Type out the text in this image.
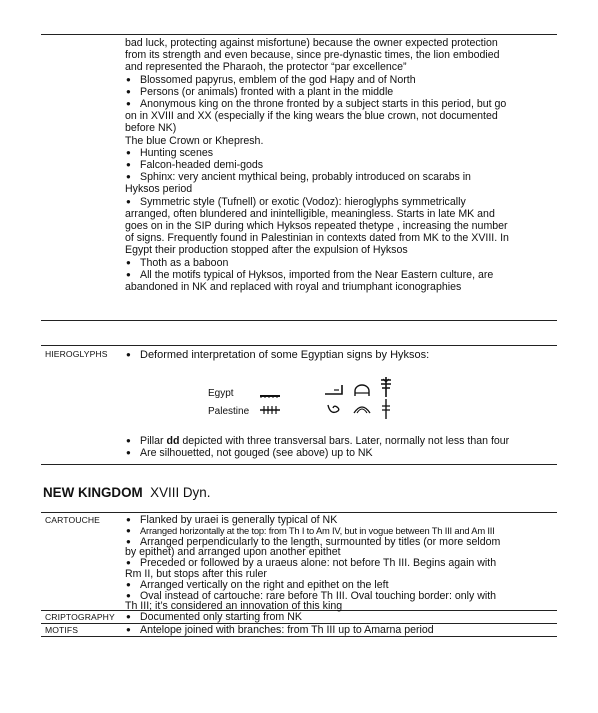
bad luck, protecting against misfortune) because the owner expected protection
from its strength and even because, since pre-dynastic times, the lion embodied
and represented the Pharaoh, the protector “par excellence”
● Blossomed papyrus, emblem of the god Hapy and of North
● Persons (or animals) fronted with a plant in the middle
● Anonymous king on the throne fronted by a subject starts in this period, but go
on in XVIII and XX (especially if the king wears the blue crown, not documented
before NK)
The blue Crown or Khepresh.
● Hunting scenes
● Falcon-headed demi-gods
● Sphinx: very ancient mythical being, probably introduced on scarabs in
Hyksos period
● Symmetric style (Tufnell) or exotic (Vodoz): hieroglyphs symmetrically
arranged, often blundered and inintelligible, meaningless. Starts in late MK and
goes on in the SIP during which Hyksos repeated thetype , increasing the number
of signs. Frequently found in Palestinian in contexts dated from MK to the XVIII. In
Egypt their production stopped after the expulsion of Hyksos
● Thoth as a baboon
● All the motifs typical of Hyksos, imported from the Near Eastern culture, are
abandoned in NK and replaced with royal and triumphant iconographies
HIEROGLYPHS	● Deformed interpretation of some Egyptian signs by Hyksos:
Egypt
Palestine
● Pillar dd depicted with three transversal bars. Later, normally not less than four
● Are silhouetted, not gouged (see above) up to NK
NEW KINGDOM XVIII Dyn.
CARTOUCHE	● Flanked by uraei is generally typical of NK
● Arranged horizontally at the top: from Th I to Am IV, but in vogue between Th III and Am III
● Arranged perpendicularly to the length, surmounted by titles (or more seldom
by epithet) and arranged upon another epithet
● Preceded or followed by a uraeus alone: not before Th III. Begins again with
Rm II, but stops after this ruler
● Arranged vertically on the right and epithet on the left
● Oval instead of cartouche: rare before Th III. Oval touching border: only with
Th III; it’s considered an innovation of this king
CRIPTOGRAPHY	● Documented only starting from NK
MOTIFS	● Antelope joined with branches: from Th III up to Amarna period
